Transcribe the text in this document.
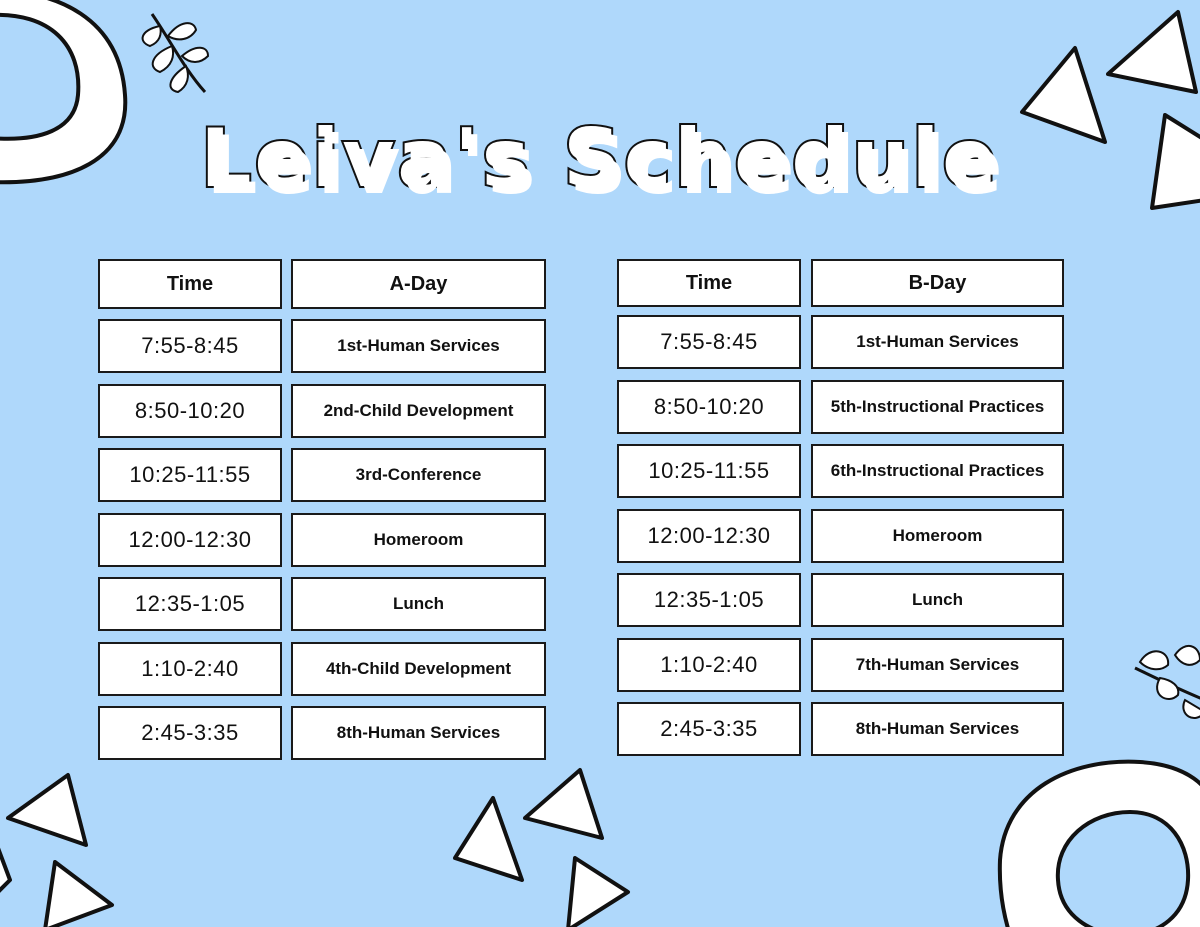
Leiva's Schedule
Time	A-Day
7:55-8:45	1st-Human Services
8:50-10:20	2nd-Child Development
10:25-11:55	3rd-Conference
12:00-12:30	Homeroom
12:35-1:05	Lunch
1:10-2:40	4th-Child Development
2:45-3:35	8th-Human Services
Time	B-Day
7:55-8:45	1st-Human Services
8:50-10:20	5th-Instructional Practices
10:25-11:55	6th-Instructional Practices
12:00-12:30	Homeroom
12:35-1:05	Lunch
1:10-2:40	7th-Human Services
2:45-3:35	8th-Human Services
